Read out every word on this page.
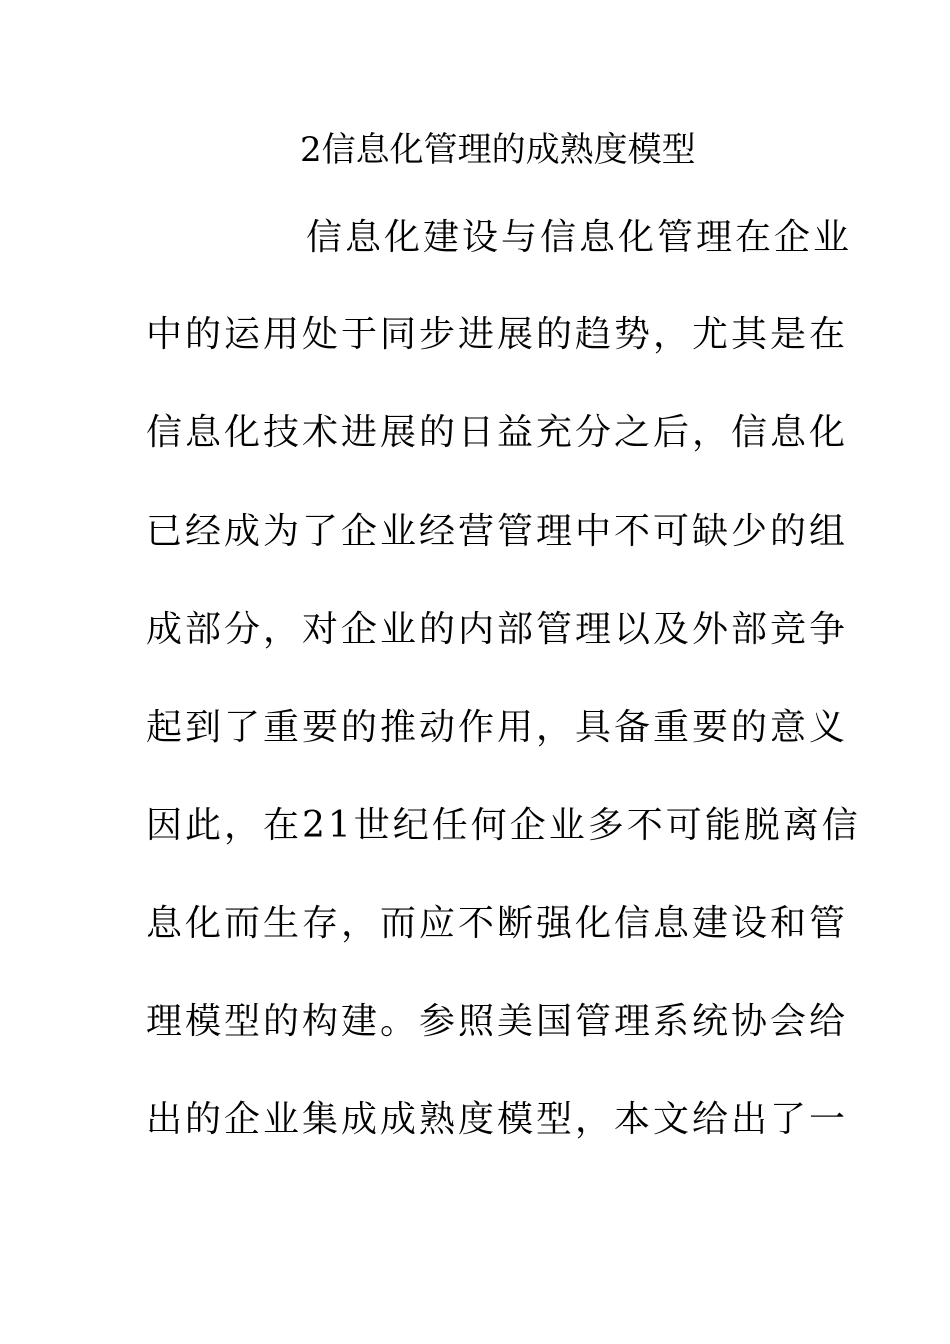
2信息化管理的成熟度模型
信息化建设与信息化管理在企业
中的运用处于同步进展的趋势，尤其是在
信息化技术进展的日益充分之后，信息化
已经成为了企业经营管理中不可缺少的组
成部分，对企业的内部管理以及外部竞争
起到了重要的推动作用，具备重要的意义
因此，在21世纪任何企业多不可能脱离信
息化而生存，而应不断强化信息建设和管
理模型的构建。参照美国管理系统协会给
出的企业集成成熟度模型，本文给出了一
